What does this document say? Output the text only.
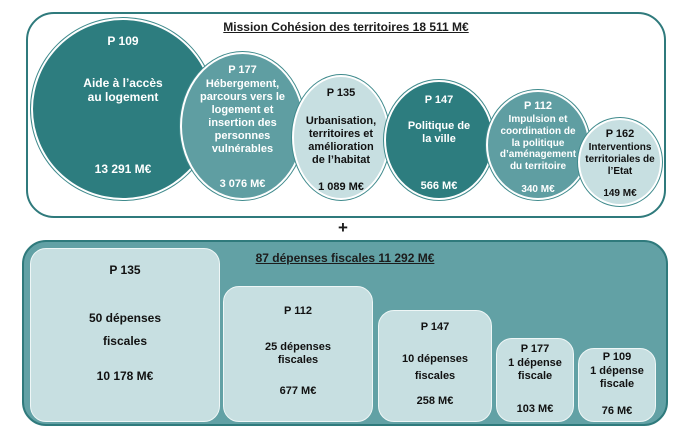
Mission Cohésion des territoires 18 511 M€
+
87 dépenses fiscales 11 292 M€
P 109
Aide à l’accès
au logement
13 291 M€
P 177
Hébergement,
parcours vers le
logement et
insertion des
personnes
vulnérables
3 076 M€
P 135
Urbanisation,
territoires et
amélioration
de l’habitat
1 089 M€
P 147
Politique de
la ville
566 M€
P 112
Impulsion et
coordination de
la politique
d’aménagement
du territoire
340 M€
P 162
Interventions
territoriales de
l’Etat
149 M€
P 135
50 dépenses
fiscales
10 178 M€
P 112
25 dépenses
fiscales
677 M€
P 147
10 dépenses
fiscales
258 M€
P 177
1 dépense
fiscale
103 M€
P 109
1 dépense
fiscale
76 M€
